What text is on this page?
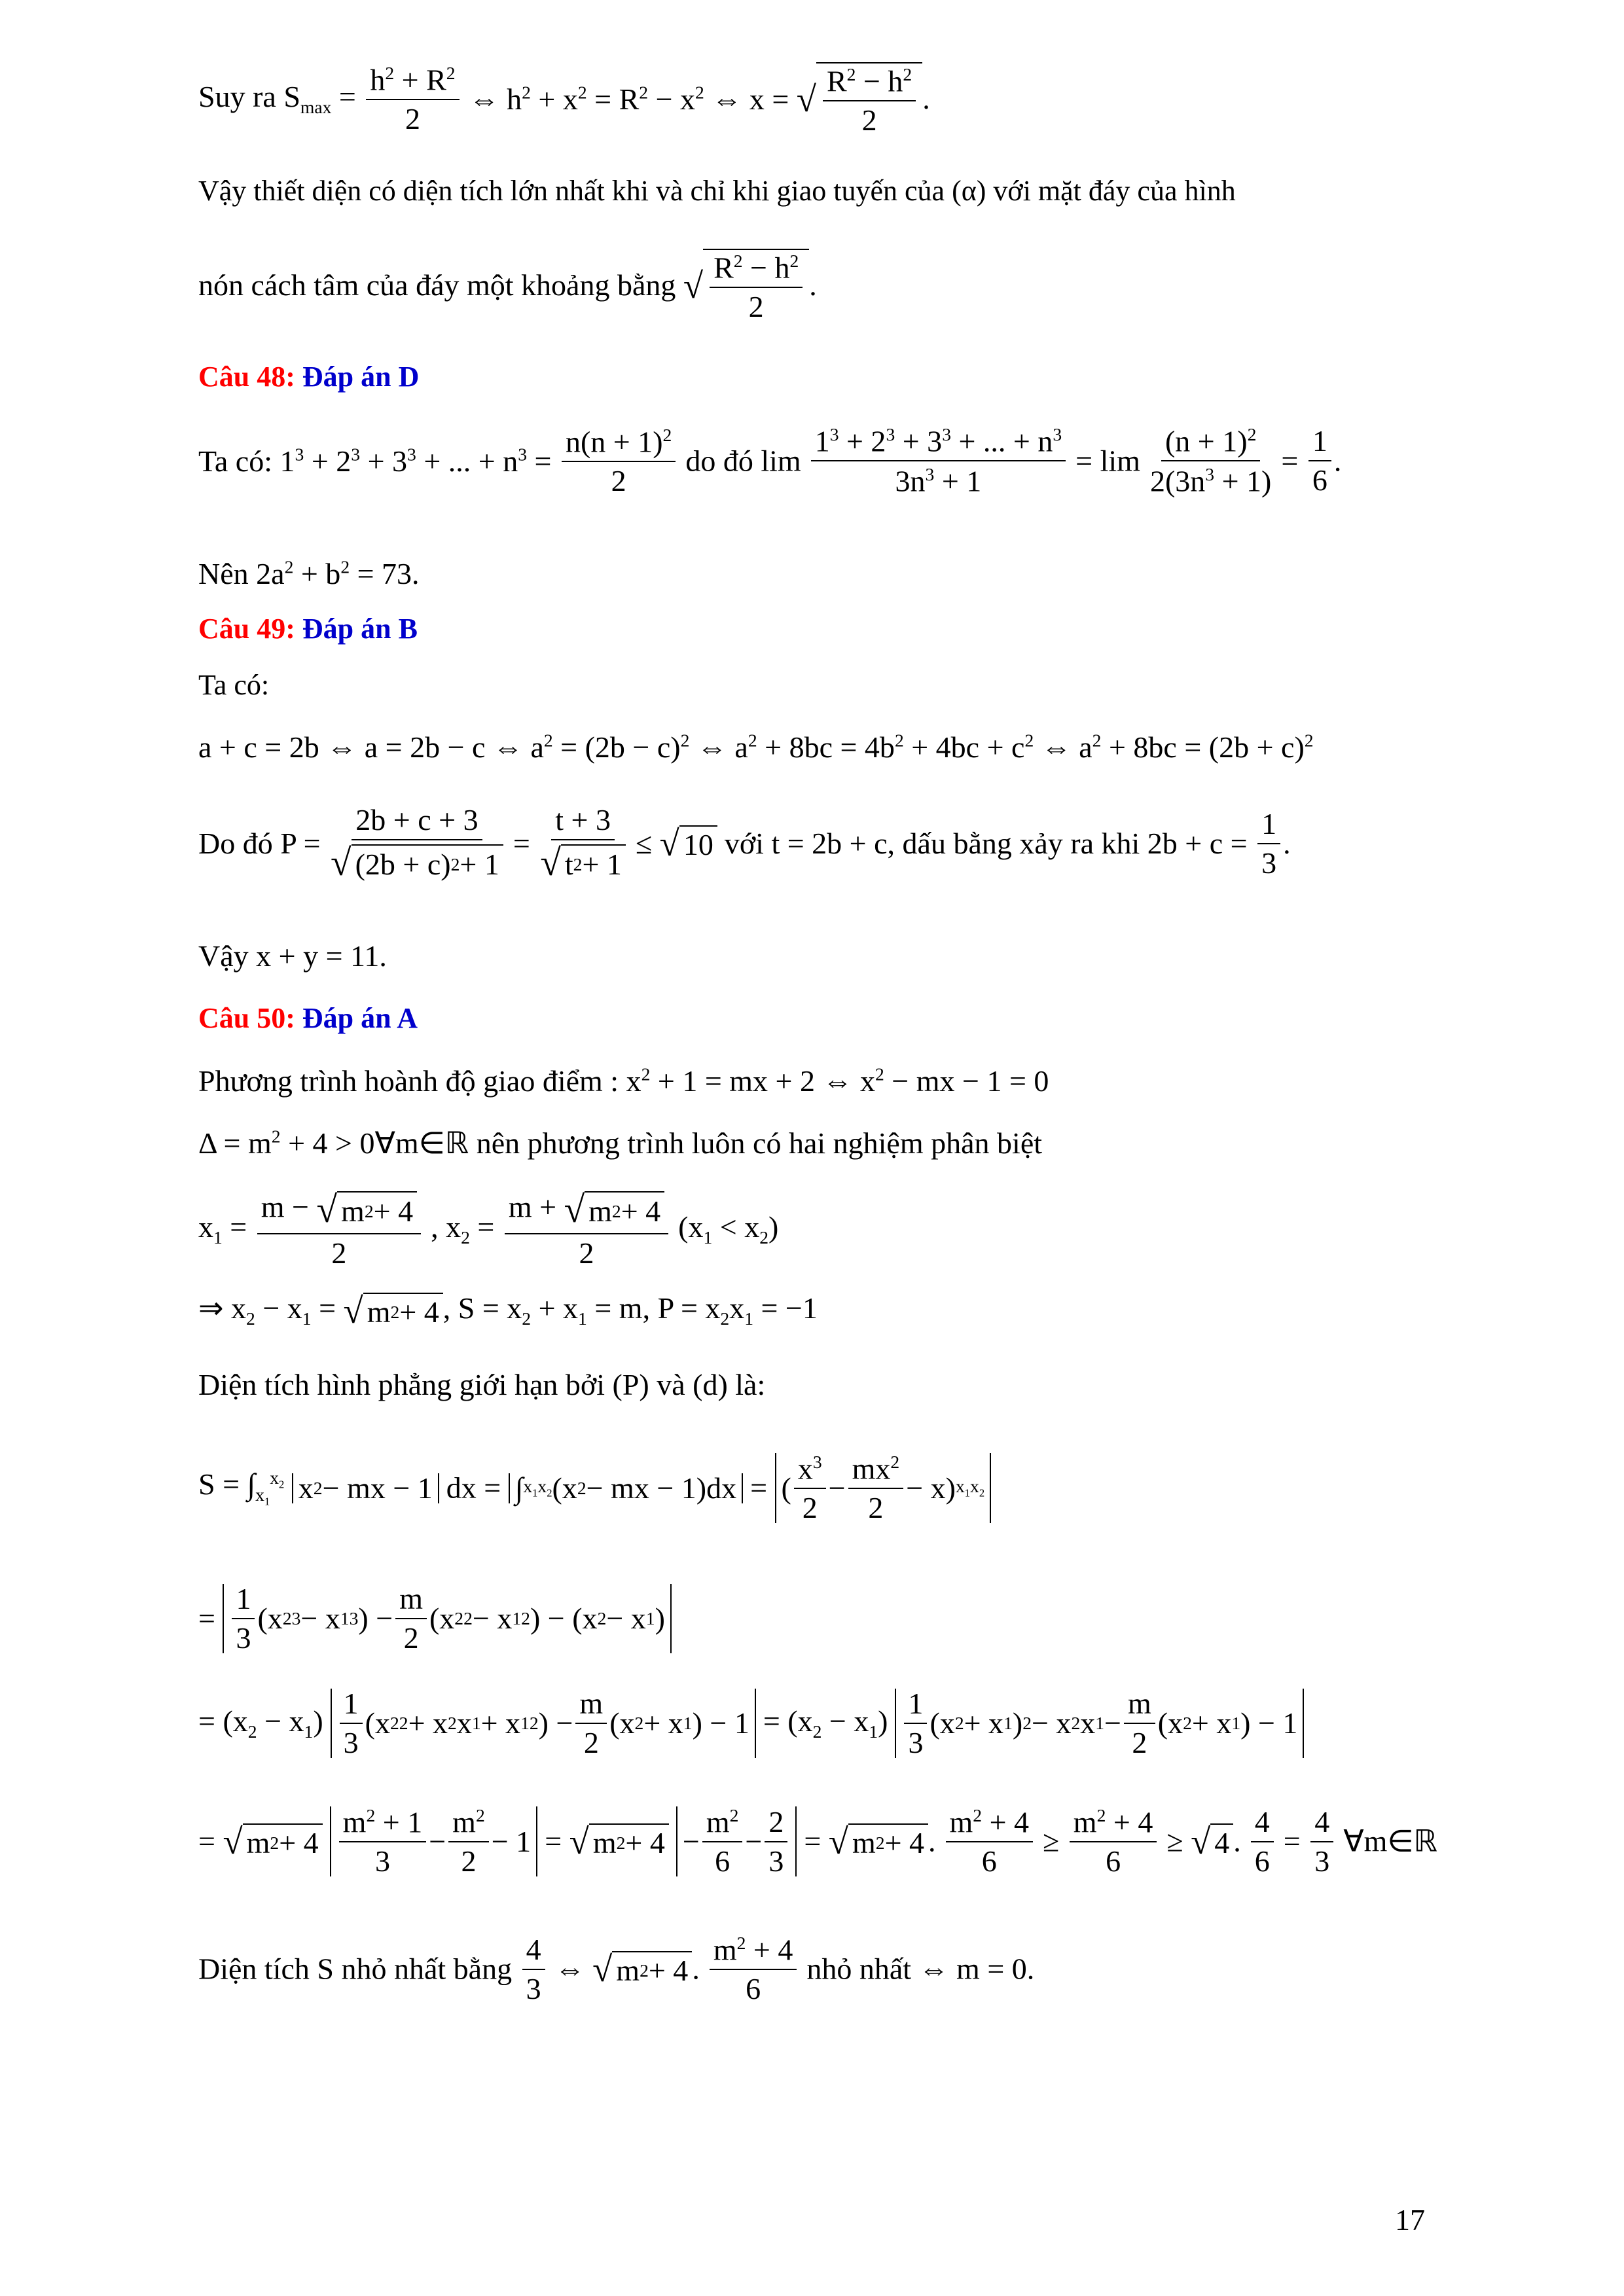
Suy ra $S_{max} = \frac{h^2 + R^2}{2}$ ⇔ $h^2 + x^2 = R^2 - x^2$ ⇔ x = √ $R^2 - h^2$
2
.
Vậy thiết diện có diện tích lớn nhất khi và chỉ khi giao tuyến của (α) với mặt đáy của hình
nón cách tâm của đáy một khoảng bằng √ $R^2 - h^2$
2
.
Câu 48: Đáp án D
Ta có: $1^3 + 2^3 + 3^3$ + ... + $n^3 = \frac{n(n + 1)^2}{2}$ do đó $\lim \frac{1^3 + 2^3 + 3^3 + ... + n^3}{3n^3 + 1} = \lim \frac{(n + 1)^2}{2(3n^3 + 1)} = \frac{1}{6}$ .
Nên $2a^2 + b^2 = 73$.
Câu 49: Đáp án B
Ta có:
a + c = 2b ⇔ a = 2b − c ⇔ $a^2 = (2b - c)^2$ ⇔ $a^2 + 8bc = 4b^2 + 4bc + c^2$ ⇔ $a^2 + 8bc = (2b + c)^2$
Do đó $P = \frac{2b + c + 3}{√ (2b + c) 2 + 1} = \frac{t + 3}{√ t 2 + 1}$ ≤ √ 10 với t = 2b + c, dấu bằng xảy ra khi $2b + c = \frac{1}{3}$ .
Vậy x + y = 11.
Câu 50: Đáp án A
Phương trình hoành độ giao điểm : $x^2 + 1$ = mx + 2 ⇔ $x^2$ − mx − 1 = 0
$\Delta = m^2 + 4$ > 0∀m∈ℝ nên phương trình luôn có hai nghiệm phân biệt
$x_1 = \frac{m - √ m 2 + 4}{2}$ , $x_2 = \frac{m + √ m 2 + 4}{2} (x_1 < x_2)$
⇒ $x_2 - x_1$ = √ m 2 + 4 , $S = x_2 + x_1 = m$, $P = x_2x_1 = -1$
Diện tích hình phẳng giới hạn bởi (P) và (d) là:
$S = \int_{x_1}^{x_2}$ x 2 − mx − 1 dx = ∫ $x_1$ $x_2$ (x 2 − mx − 1)dx = (
$x^3$
2
−
$mx^2$
2
− x) $x_1$ $x_2$
=
1
3
(x 2 3 − x 1 3 ) −
m
2
(x 2 2 − x 1 2 ) − (x 2 − x 1 )
= $(x_2 - x_1)$
1
3
(x 2 2 + x 2 x 1 + x 1 2 ) −
m
2
(x 2 + x 1 ) − $1 = (x_2 - x_1)$
1
3
(x 2 + x 1 ) 2 − x 2 x 1 −
m
2
(x 2 + x 1 ) − 1
= √ m 2 + 4

$m^2 + 1$
3
−
$m^2$
2
− 1 = √ m 2 + 4 −
$m^2$
6
−
2
3
= √ m 2 + 4 . $\frac{m^2 + 4}{6} \ge \frac{m^2 + 4}{6}$ ≥ √ 4 . $\frac{4}{6} = \frac{4}{3}$ ∀m∈ℝ
Diện tích S nhỏ nhất bằng $\frac{4}{3}$ ⇔ √ m 2 + 4 . $\frac{m^2 + 4}{6}$ nhỏ nhất ⇔ m = 0.
17
